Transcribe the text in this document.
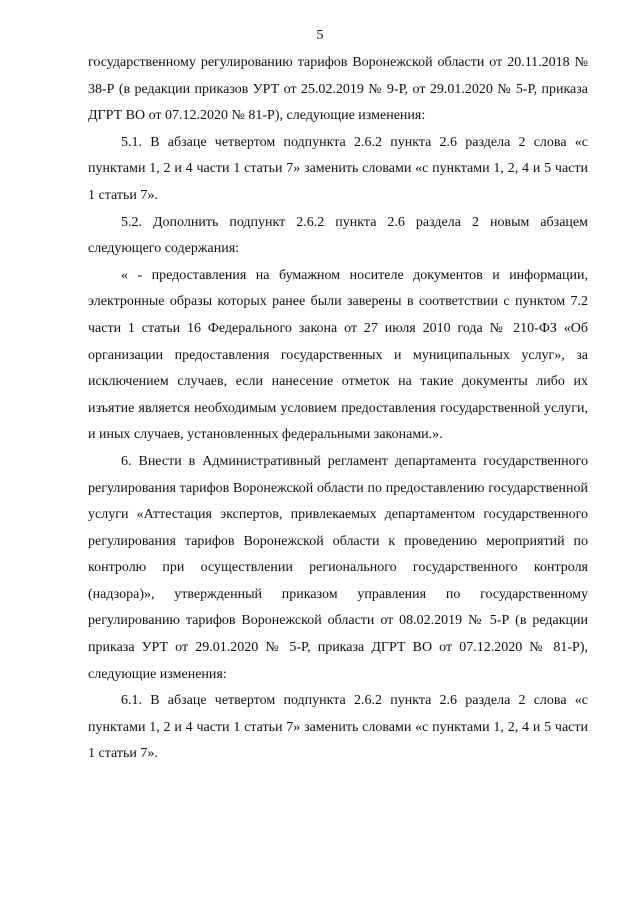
5

государственному регулированию тарифов Воронежской области от 20.11.2018 № 38-Р (в редакции приказов УРТ от 25.02.2019 № 9-Р, от 29.01.2020 № 5-Р, приказа ДГРТ ВО от 07.12.2020 № 81-Р), следующие изменения:

5.1. В абзаце четвертом подпункта 2.6.2 пункта 2.6 раздела 2 слова «с пунктами 1, 2 и 4 части 1 статьи 7» заменить словами «с пунктами 1, 2, 4 и 5 части 1 статьи 7».

5.2. Дополнить подпункт 2.6.2 пункта 2.6 раздела 2 новым абзацем следующего содержания:

« - предоставления на бумажном носителе документов и информации, электронные образы которых ранее были заверены в соответствии с пунктом 7.2 части 1 статьи 16 Федерального закона от 27 июля 2010 года № 210-ФЗ «Об организации предоставления государственных и муниципальных услуг», за исключением случаев, если нанесение отметок на такие документы либо их изъятие является необходимым условием предоставления государственной услуги, и иных случаев, установленных федеральными законами.».

6. Внести в Административный регламент департамента государственного регулирования тарифов Воронежской области по предоставлению государственной услуги «Аттестация экспертов, привлекаемых департаментом государственного регулирования тарифов Воронежской области к проведению мероприятий по контролю при осуществлении регионального государственного контроля (надзора)», утвержденный приказом управления по государственному регулированию тарифов Воронежской области от 08.02.2019 № 5-Р (в редакции приказа УРТ от 29.01.2020 № 5-Р, приказа ДГРТ ВО от 07.12.2020 № 81-Р), следующие изменения:

6.1. В абзаце четвертом подпункта 2.6.2 пункта 2.6 раздела 2 слова «с пунктами 1, 2 и 4 части 1 статьи 7» заменить словами «с пунктами 1, 2, 4 и 5 части 1 статьи 7».
